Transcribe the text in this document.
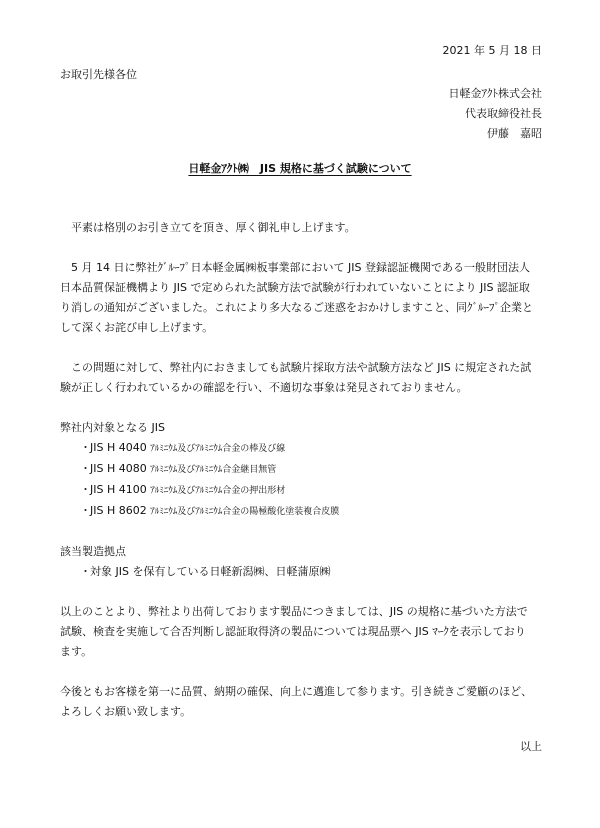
2021 年 5 月 18 日
お取引先様各位
日軽金ｱｸﾄ株式会社
代表取締役社長
伊藤　嘉昭
日軽金ｱｸﾄ㈱　JIS 規格に基づく試験について

　平素は格別のお引き立てを頂き、厚く御礼申し上げます。

　5 月 14 日に弊社ｸﾞﾙｰﾌﾟ日本軽金属㈱板事業部において JIS 登録認証機関である一般財団法人 日本品質保証機構より JIS で定められた試験方法で試験が行われていないことにより JIS 認証取り消しの通知がございました。これにより多大なるご迷惑をおかけしますこと、同ｸﾞﾙｰﾌﾟ企業として深くお詫び申し上げます。

　この問題に対して、弊社内におきましても試験片採取方法や試験方法など JIS に規定された試験が正しく行われているかの確認を行い、不適切な事象は発見されておりません。

弊社内対象となる JIS

・JIS H 4040 ｱﾙﾐﾆｳﾑ及びｱﾙﾐﾆｳﾑ合金の棒及び線
・JIS H 4080 ｱﾙﾐﾆｳﾑ及びｱﾙﾐﾆｳﾑ合金継目無管
・JIS H 4100 ｱﾙﾐﾆｳﾑ及びｱﾙﾐﾆｳﾑ合金の押出形材
・JIS H 8602 ｱﾙﾐﾆｳﾑ及びｱﾙﾐﾆｳﾑ合金の陽極酸化塗装複合皮膜

該当製造拠点

・対象 JIS を保有している日軽新潟㈱、日軽蒲原㈱

以上のことより、弊社より出荷しております製品につきましては、JIS の規格に基づいた方法で試験、検査を実施して合否判断し認証取得済の製品については現品票へ JIS ﾏｰｸを表示しております。

今後ともお客様を第一に品質、納期の確保、向上に邁進して参ります。引き続きご愛顧のほど、よろしくお願い致します。

以上
